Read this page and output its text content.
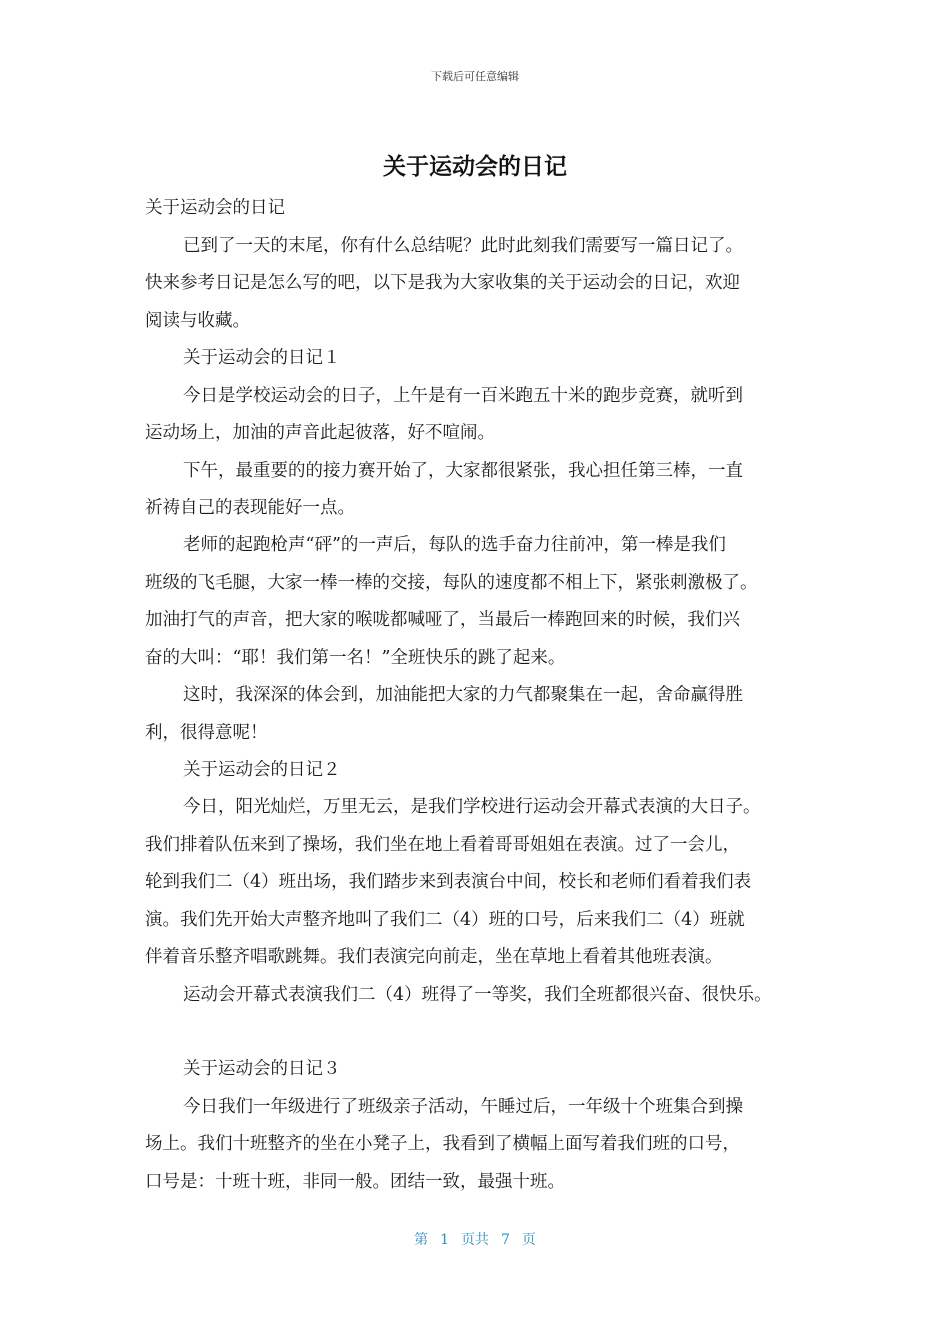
下载后可任意编辑
关于运动会的日记
关于运动会的日记
已到了一天的末尾，你有什么总结呢？此时此刻我们需要写一篇日记了。
快来参考日记是怎么写的吧，以下是我为大家收集的关于运动会的日记，欢迎
阅读与收藏。
关于运动会的日记１
今日是学校运动会的日子，上午是有一百米跑五十米的跑步竞赛，就听到
运动场上，加油的声音此起彼落，好不喧闹。
下午，最重要的的接力赛开始了，大家都很紧张，我心担任第三棒，一直
祈祷自己的表现能好一点。
老师的起跑枪声“砰”的一声后，每队的选手奋力往前冲，第一棒是我们
班级的飞毛腿，大家一棒一棒的交接，每队的速度都不相上下，紧张刺激极了。
加油打气的声音，把大家的喉咙都喊哑了，当最后一棒跑回来的时候，我们兴
奋的大叫：“耶！我们第一名！”全班快乐的跳了起来。
这时，我深深的体会到，加油能把大家的力气都聚集在一起，舍命赢得胜
利，很得意呢！
关于运动会的日记２
今日，阳光灿烂，万里无云，是我们学校进行运动会开幕式表演的大日子。
我们排着队伍来到了操场，我们坐在地上看着哥哥姐姐在表演。过了一会儿，
轮到我们二（4）班出场，我们踏步来到表演台中间，校长和老师们看着我们表
演。我们先开始大声整齐地叫了我们二（4）班的口号，后来我们二（4）班就
伴着音乐整齐唱歌跳舞。我们表演完向前走，坐在草地上看着其他班表演。
运动会开幕式表演我们二（4）班得了一等奖，我们全班都很兴奋、很快乐。
关于运动会的日记３
今日我们一年级进行了班级亲子活动，午睡过后，一年级十个班集合到操
场上。我们十班整齐的坐在小凳子上，我看到了横幅上面写着我们班的口号，
口号是：十班十班，非同一般。团结一致，最强十班。
第 1 页共 7 页
